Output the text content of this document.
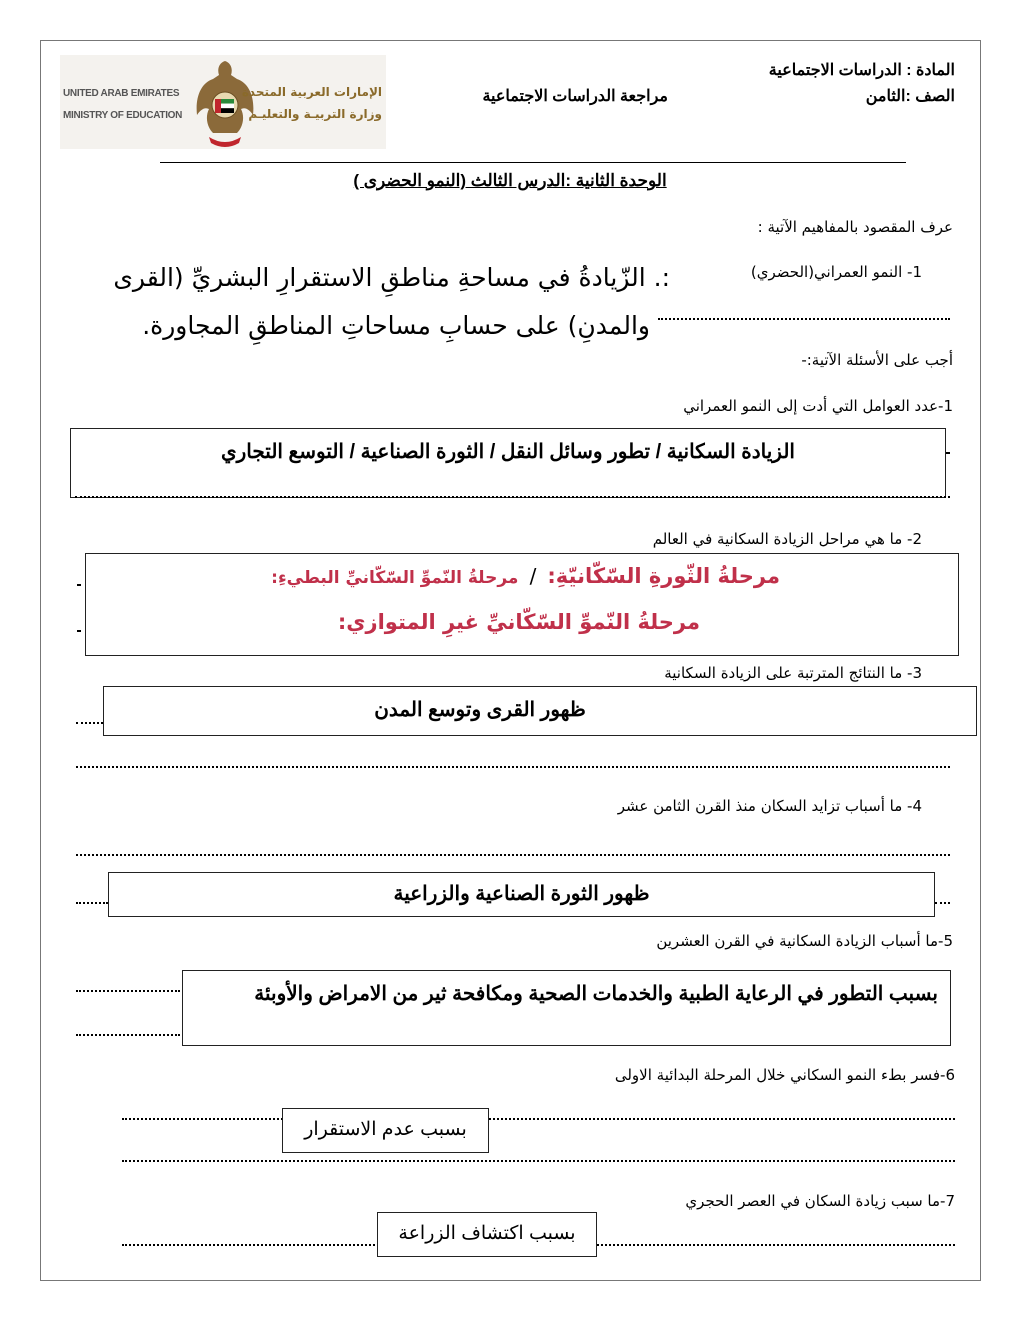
المادة : الدراسات الاجتماعية
الصف :الثامن
مراجعة الدراسات الاجتماعية
UNITED ARAB EMIRATES
MINISTRY OF EDUCATION
الإمارات العربية المتحدة
وزارة التربيـة والتعليـم
الوحدة الثانية :الدرس الثالث (النمو الحضرى )
عرف المقصود بالمفاهيم الآتية :
1- النمو العمراني(الحضري)
:. الزّيادةُ في مساحةِ مناطقِ الاستقرارِ البشريِّ (القرى
والمدنِ) على حسابِ مساحاتِ المناطقِ المجاورة.
أجب على الأسئلة الآتية:-
1-عدد العوامل التي أدت إلى النمو العمراني
الزيادة السكانية / تطور وسائل النقل / الثورة الصناعية / التوسع التجاري
2- ما هي مراحل الزيادة السكانية في العالم
مرحلةُ الثّورةِ السّكّانيّةِ: / مرحلةُ النّموِّ السّكّانيِّ البطيءِ:
مرحلةُ النّموِّ السّكّانيِّ غيرِ المتوازي:
3- ما النتائج المترتبة على الزيادة السكانية
ظهور القرى وتوسع المدن
4- ما أسباب تزايد السكان منذ القرن الثامن عشر
ظهور الثورة الصناعية والزراعية
5-ما أسباب الزيادة السكانية في القرن العشرين
بسبب التطور في الرعاية الطبية والخدمات الصحية ومكافحة ثير من الامراض والأوبئة
6-فسر بطء النمو السكاني خلال المرحلة البدائية الاولى
بسبب عدم الاستقرار
7-ما سبب زيادة السكان في العصر الحجري
بسبب اكتشاف الزراعة
